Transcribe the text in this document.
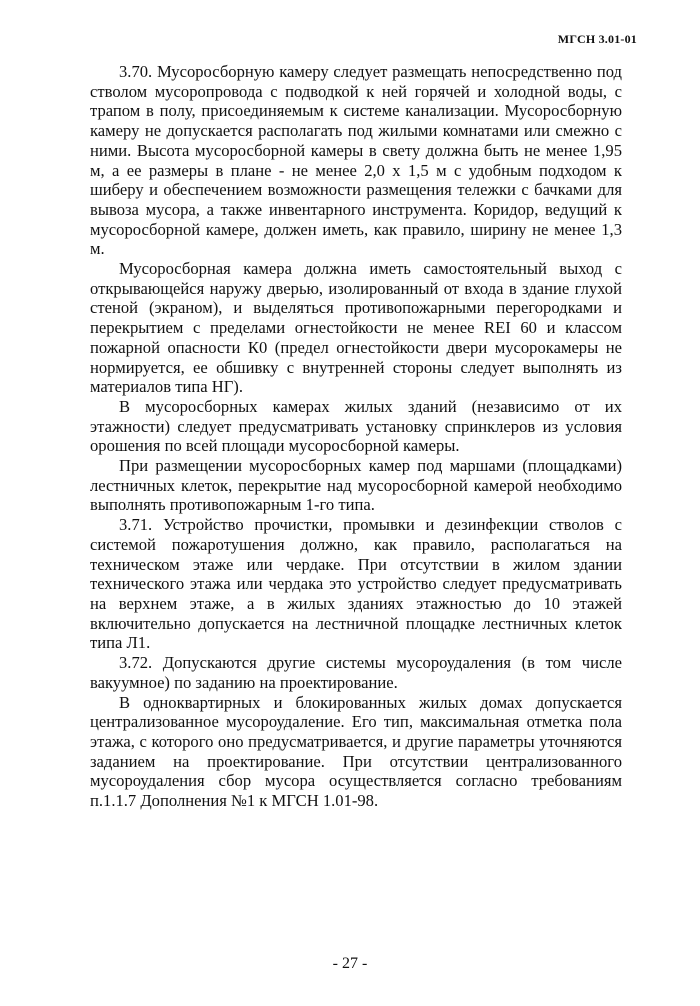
МГСН 3.01-01

3.70. Мусоросборную камеру следует размещать непосредственно под стволом мусоропровода с подводкой к ней горячей и холодной воды, с трапом в полу, присоединяемым к системе канализации. Мусоросборную камеру не допускается располагать под жилыми комнатами или смежно с ними. Высота мусоросборной камеры в свету должна быть не менее 1,95 м, а ее размеры в плане - не менее 2,0 х 1,5 м с удобным подходом к шиберу и обеспечением возможности размещения тележки с бачками для вывоза мусора, а также инвентарного инструмента. Коридор, ведущий к мусоросборной камере, должен иметь, как правило, ширину не менее 1,3 м.

Мусоросборная камера должна иметь самостоятельный выход с открывающейся наружу дверью, изолированный от входа в здание глухой стеной (экраном), и выделяться противопожарными перегородками и перекрытием с пределами огнестойкости не менее REI 60 и классом пожарной опасности К0 (предел огнестойкости двери мусорокамеры не нормируется, ее обшивку с внутренней стороны следует выполнять из материалов типа НГ).

В мусоросборных камерах жилых зданий (независимо от их этажности) следует предусматривать установку спринклеров из условия орошения по всей площади мусоросборной камеры.

При размещении мусоросборных камер под маршами (площадками) лестничных клеток, перекрытие над мусоросборной камерой необходимо выполнять противопожарным 1-го типа.

3.71. Устройство прочистки, промывки и дезинфекции стволов с системой пожаротушения должно, как правило, располагаться на техническом этаже или чердаке. При отсутствии в жилом здании технического этажа или чердака это устройство следует предусматривать на верхнем этаже, а в жилых зданиях этажностью до 10 этажей включительно допускается на лестничной площадке лестничных клеток типа Л1.

3.72. Допускаются другие системы мусороудаления (в том числе вакуумное) по заданию на проектирование.

В одноквартирных и блокированных жилых домах допускается централизованное мусороудаление. Его тип, максимальная отметка пола этажа, с которого оно предусматривается, и другие параметры уточняются заданием на проектирование. При отсутствии централизованного мусороудаления сбор мусора осуществляется согласно требованиям п.1.1.7 Дополнения №1 к МГСН 1.01-98.

- 27 -
